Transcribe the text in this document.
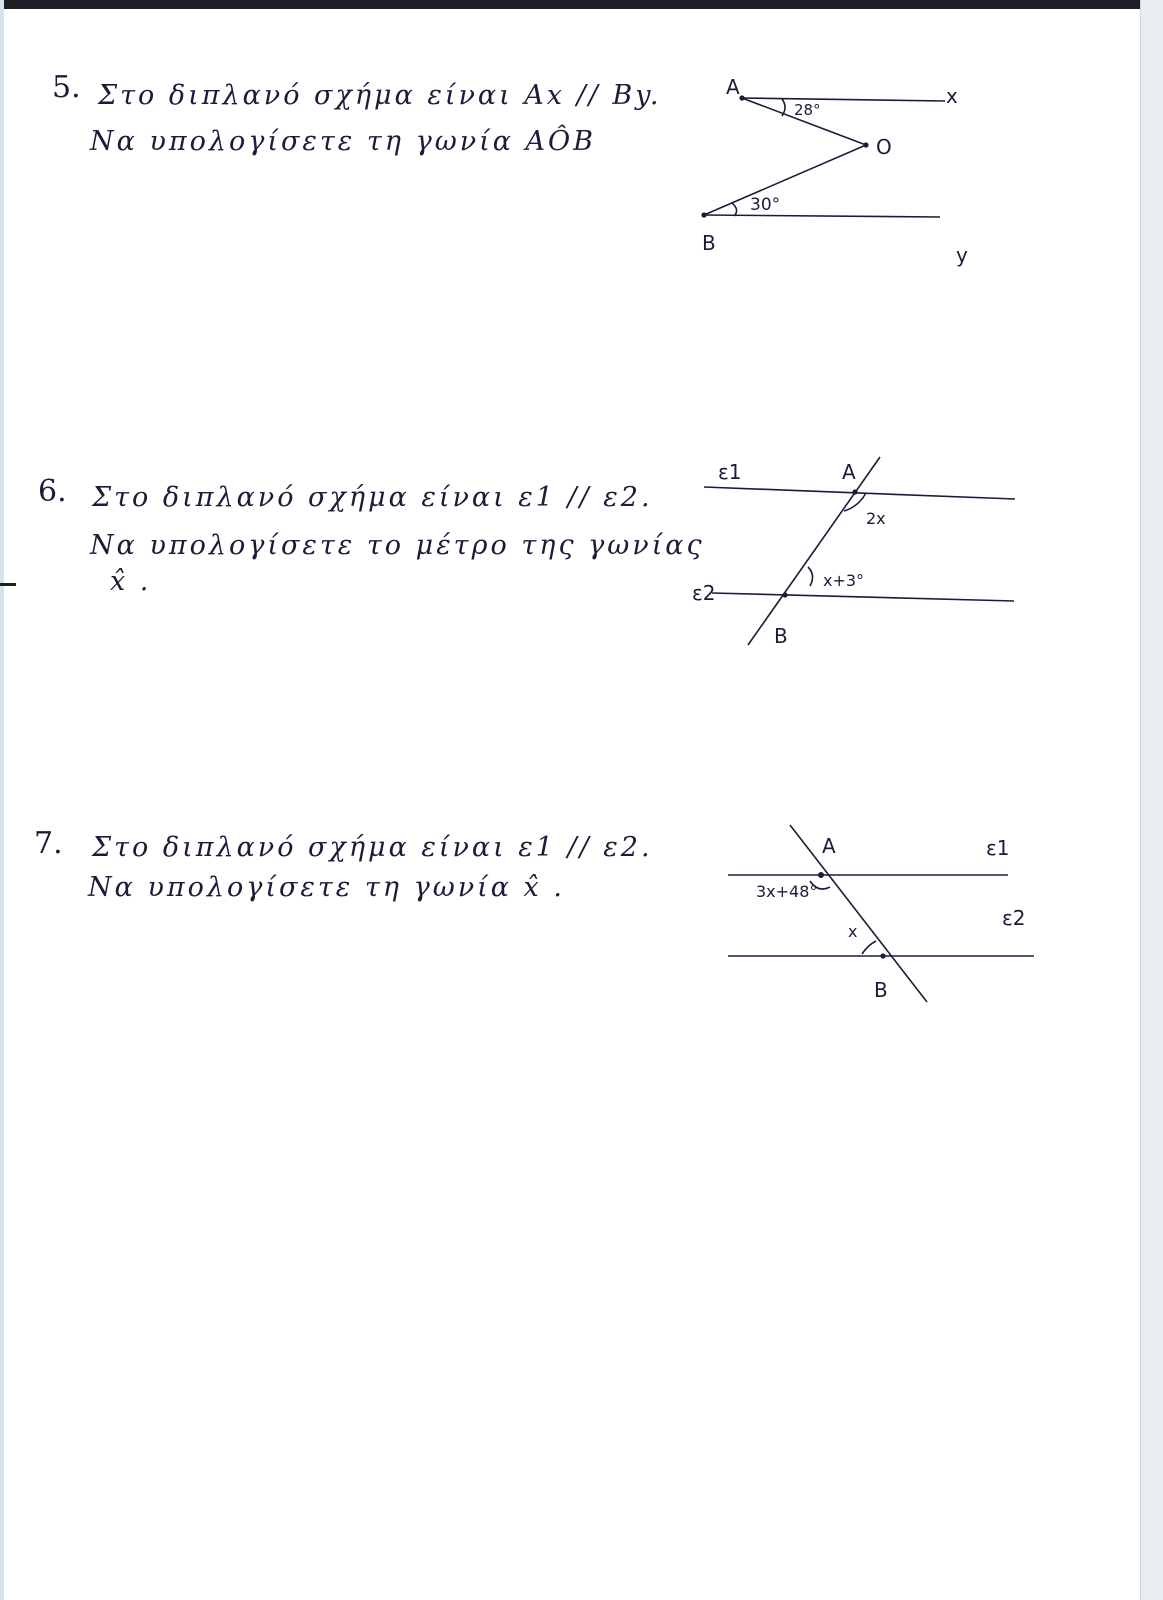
5. Στο διπλανό σχήμα είναι Ax // By.
Να υπολογίσετε τη γωνία AÔB
A	x
O
B	y
28°
30°
6. Στο διπλανό σχήμα είναι ε1 // ε2.
Να υπολογίσετε το μέτρο της γωνίας
x̂ .
ε1
ε2
A
B
2x
x+3°
7. Στο διπλανό σχήμα είναι ε1 // ε2.
Να υπολογίσετε τη γωνία x̂ .
A	ε1
ε2
B
3x+48°
x
